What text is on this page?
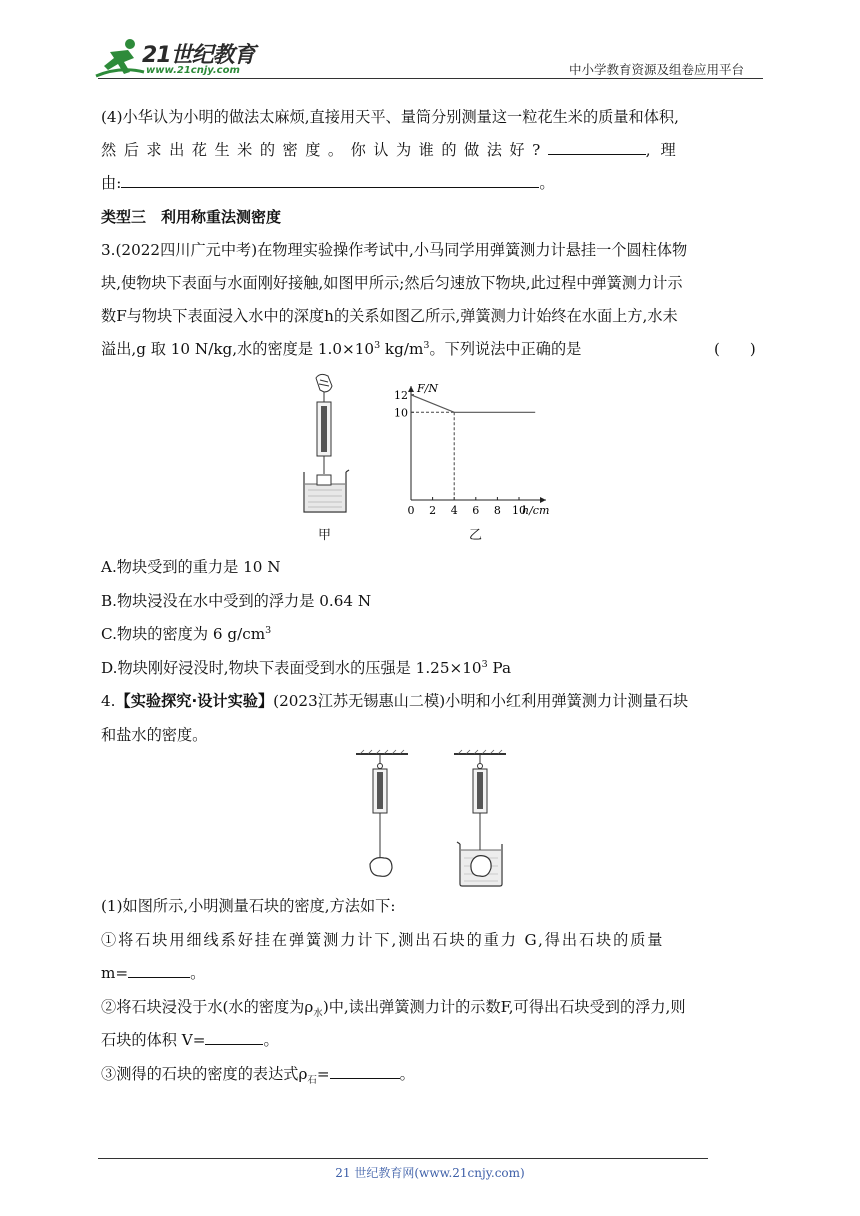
21世纪教育
www.21cnjy.com	中小学教育资源及组卷应用平台
(4)小华认为小明的做法太麻烦,直接用天平、量筒分别测量这一粒花生米的质量和体积,
然后求出花生米的密度。你认为谁的做法好?	,理
由:	。
类型三　利用称重法测密度
3.(2022四川广元中考)在物理实验操作考试中,小马同学用弹簧测力计悬挂一个圆柱体物
块,使物块下表面与水面刚好接触,如图甲所示;然后匀速放下物块,此过程中弹簧测力计示
数F与物块下表面浸入水中的深度h的关系如图乙所示,弹簧测力计始终在水面上方,水未
溢出,g 取 10 N/kg,水的密度是 $1.0\times 10^3$ $kg/m^3$。下列说法中正确的是	(　　)
甲
0 2 4 6 8 10
12
10
F/N
h/cm
乙
A.物块受到的重力是 10 N
B.物块浸没在水中受到的浮力是 0.64 N
C.物块的密度为 6 $g/cm^3$
D.物块刚好浸没时,物块下表面受到水的压强是 $1.25\times 10^3$ Pa
4.【实验探究·设计实验】(2023江苏无锡惠山二模)小明和小红利用弹簧测力计测量石块
和盐水的密度。
(1)如图所示,小明测量石块的密度,方法如下:
①将石块用细线系好挂在弹簧测力计下,测出石块的重力 G,得出石块的质量
m=	。
②将石块浸没于水(水的密度为$\rho_水$)中,读出弹簧测力计的示数F,可得出石块受到的浮力,则
石块的体积 V=	。
③测得的石块的密度的表达式$\rho_石=$	。
21 世纪教育网(www.21cnjy.com)
